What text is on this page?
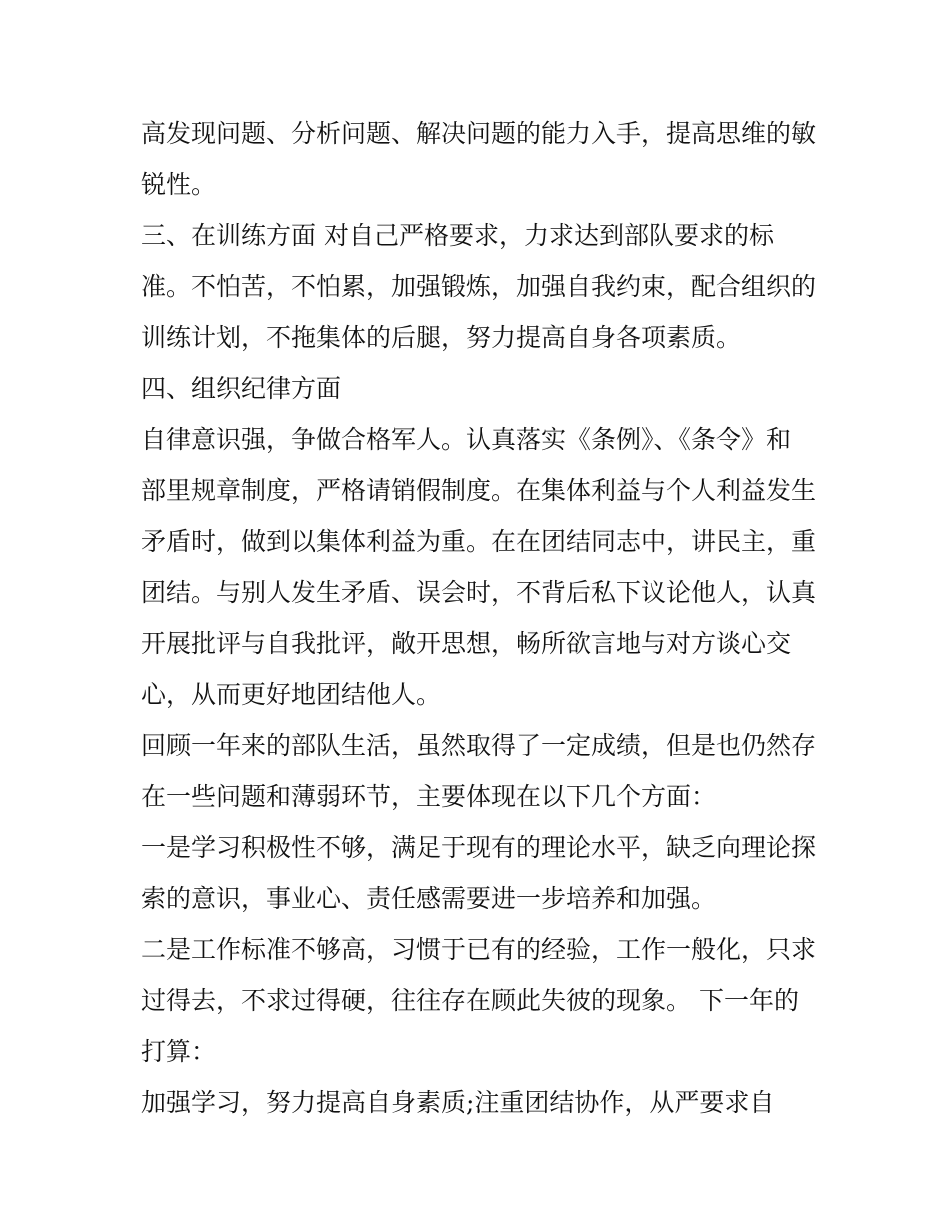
高发现问题、分析问题、解决问题的能力入手，提高思维的敏
锐性。
三、在训练方面 对自己严格要求，力求达到部队要求的标
准。不怕苦，不怕累，加强锻炼，加强自我约束，配合组织的
训练计划，不拖集体的后腿，努力提高自身各项素质。
四、组织纪律方面
自律意识强，争做合格军人。认真落实《条例》、《条令》和
部里规章制度，严格请销假制度。在集体利益与个人利益发生
矛盾时，做到以集体利益为重。在在团结同志中，讲民主，重
团结。与别人发生矛盾、误会时，不背后私下议论他人，认真
开展批评与自我批评，敞开思想，畅所欲言地与对方谈心交
心，从而更好地团结他人。
回顾一年来的部队生活，虽然取得了一定成绩，但是也仍然存
在一些问题和薄弱环节，主要体现在以下几个方面：
一是学习积极性不够，满足于现有的理论水平，缺乏向理论探
索的意识，事业心、责任感需要进一步培养和加强。
二是工作标准不够高，习惯于已有的经验，工作一般化，只求
过得去，不求过得硬，往往存在顾此失彼的现象。 下一年的
打算：
加强学习，努力提高自身素质;注重团结协作，从严要求自
